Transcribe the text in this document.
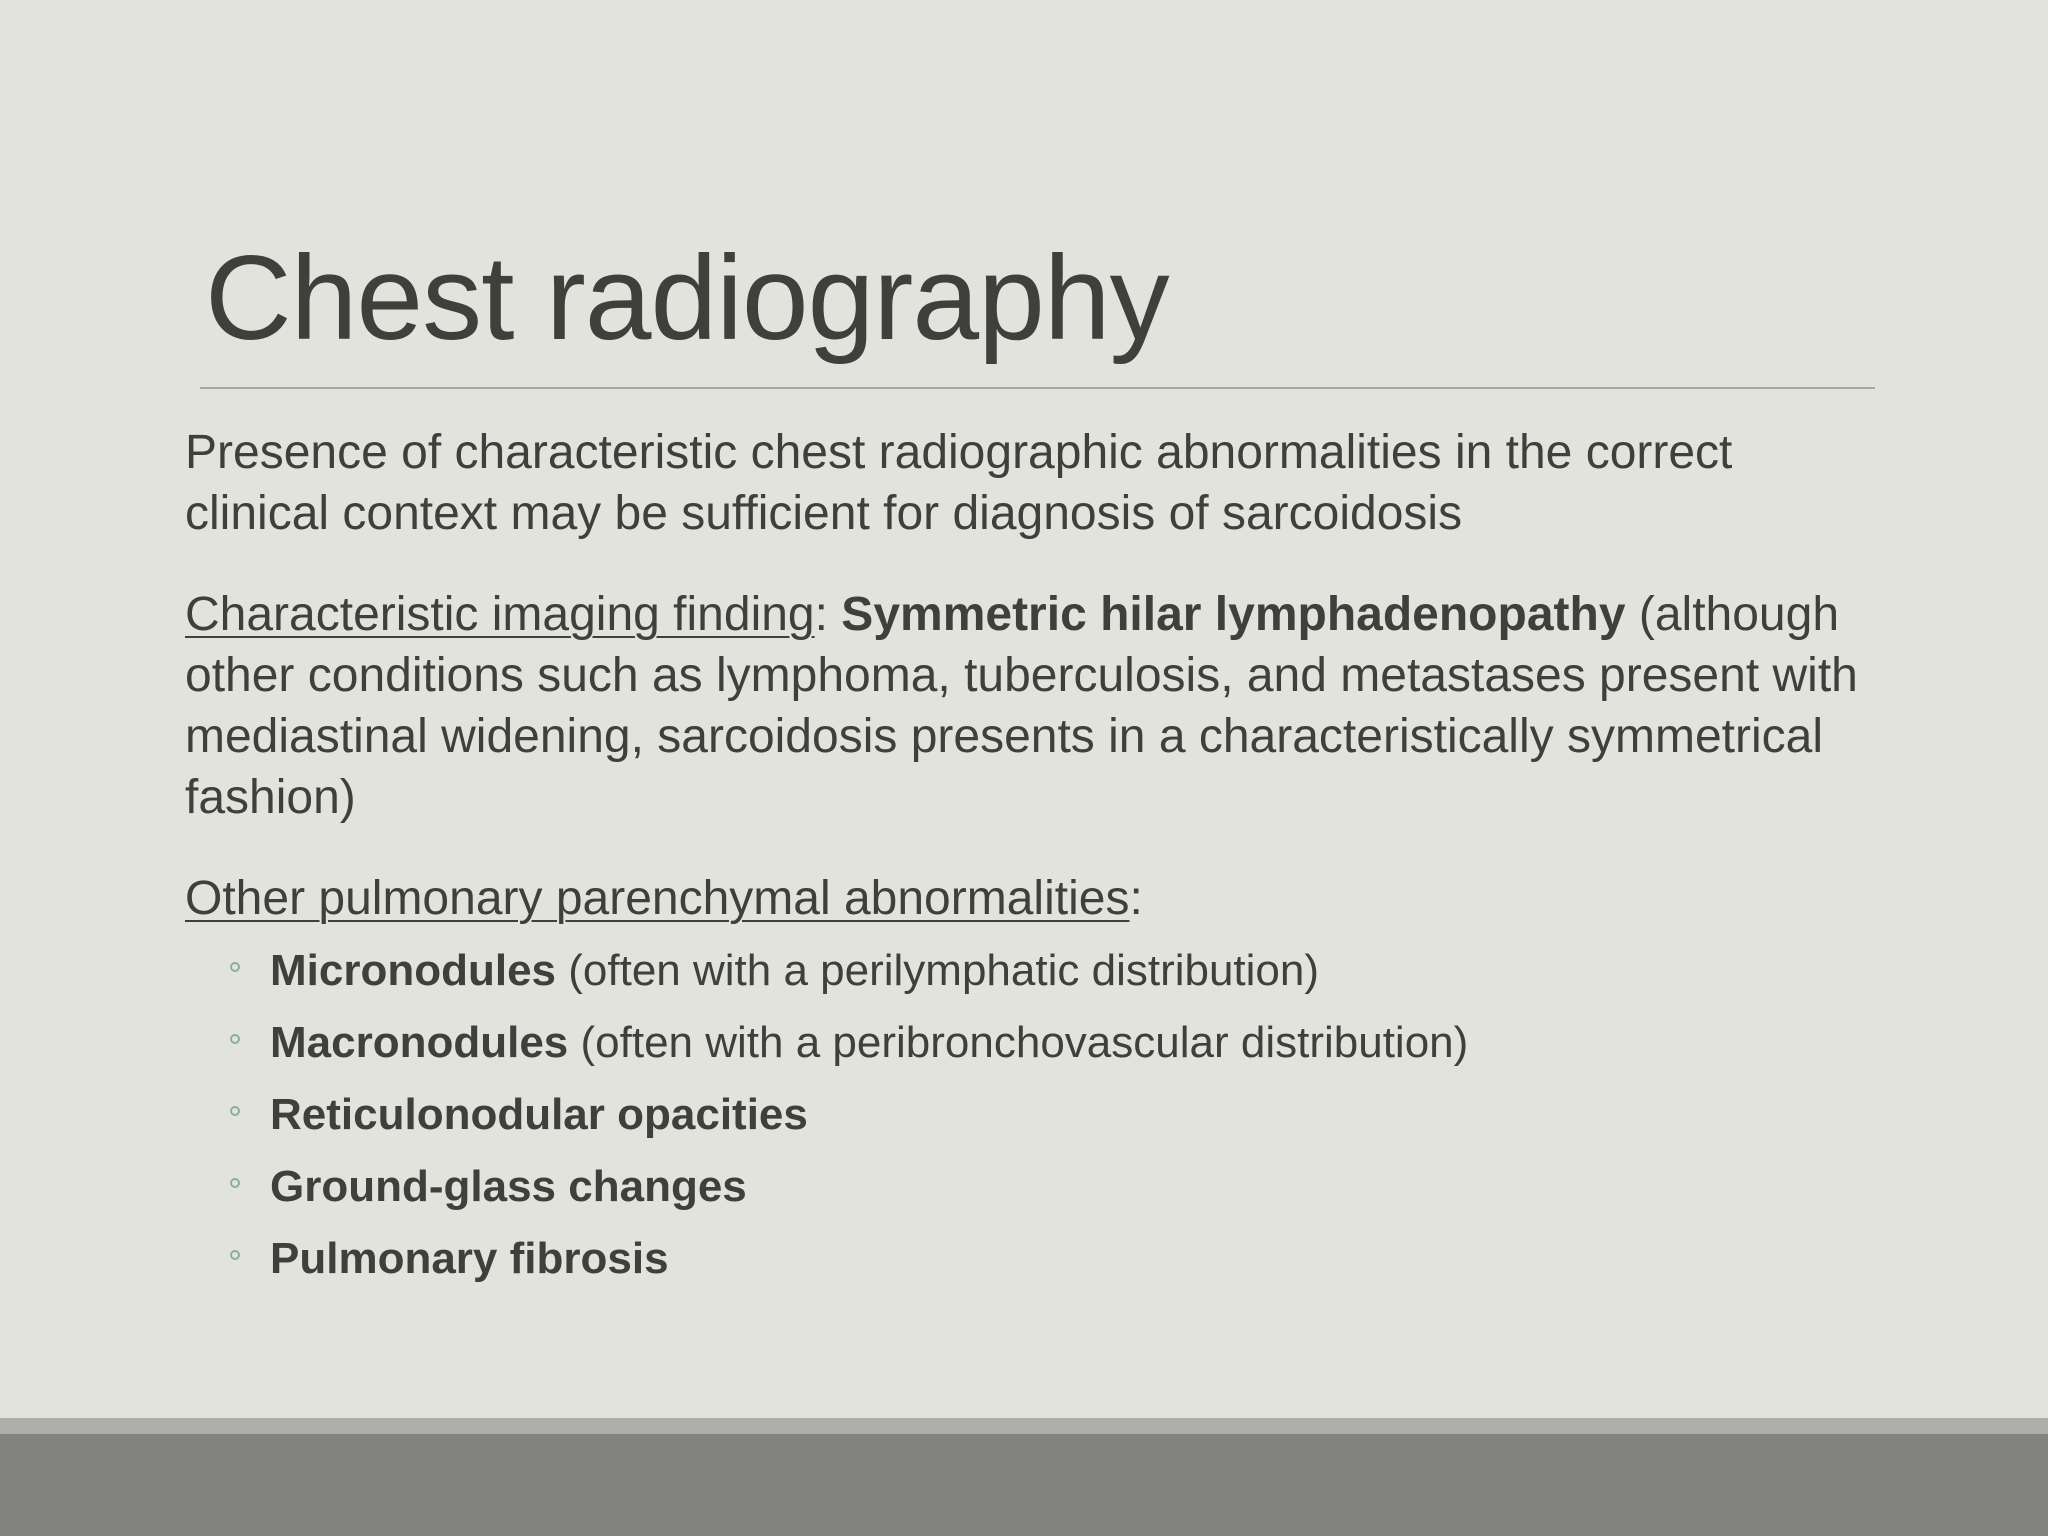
Chest radiography

Presence of characteristic chest radiographic abnormalities in the correct clinical context may be sufficient for diagnosis of sarcoidosis

Characteristic imaging finding: Symmetric hilar lymphadenopathy (although other conditions such as lymphoma, tuberculosis, and metastases present with mediastinal widening, sarcoidosis presents in a characteristically symmetrical fashion)

Other pulmonary parenchymal abnormalities:

Micronodules (often with a perilymphatic distribution)
Macronodules (often with a peribronchovascular distribution)
Reticulonodular opacities
Ground-glass changes
Pulmonary fibrosis
